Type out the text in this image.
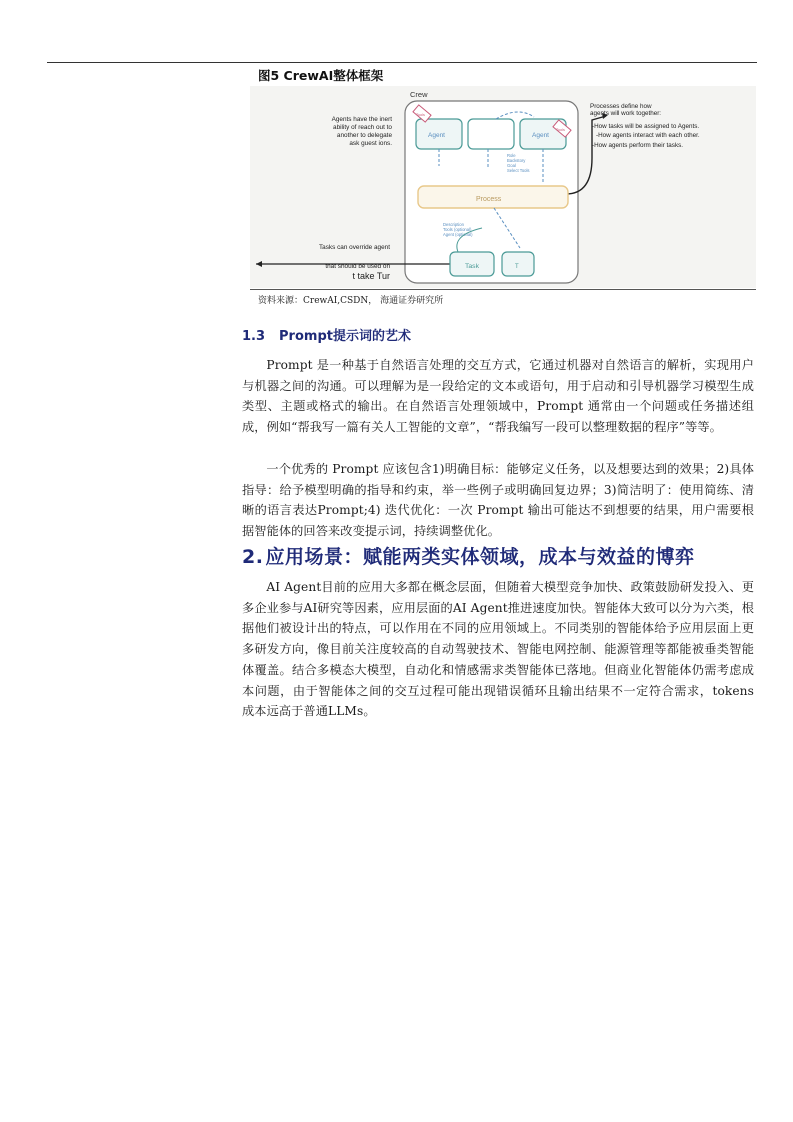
图5 CrewAI整体框架
Crew
Agents have the inert
ability of reach out to
another to delegate
ask guest ions.
Tasks can override agent
that should be used on
t take Tur
Agent	Agent
Tools
Tools
Role
Backstory
Goal
Select Tools
Process
Description
Tools (optional)
Agent (optional)
Task	T
Processes define how
agents will work together:
-How tasks will be assigned to Agents.
-How agents interact with each other.
-How agents perform their tasks.
资料来源：CrewAI,CSDN， 海通证券研究所
1.3 Prompt提示词的艺术

Prompt 是一种基于自然语言处理的交互方式，它通过机器对自然语言的解析，实现用户与机器之间的沟通。可以理解为是一段给定的文本或语句，用于启动和引导机器学习模型生成类型、主题或格式的输出。在自然语言处理领域中，Prompt 通常由一个问题或任务描述组成，例如“帮我写一篇有关人工智能的文章”，“帮我编写一段可以整理数据的程序”等等。

一个优秀的 Prompt 应该包含1)明确目标：能够定义任务，以及想要达到的效果；2)具体指导：给予模型明确的指导和约束，举一些例子或明确回复边界；3)简洁明了：使用简练、清晰的语言表达Prompt;4) 迭代优化：一次 Prompt 输出可能达不到想要的结果，用户需要根据智能体的回答来改变提示词，持续调整优化。

2. 应用场景：赋能两类实体领域，成本与效益的博弈

AI Agent目前的应用大多都在概念层面，但随着大模型竞争加快、政策鼓励研发投入、更多企业参与AI研究等因素，应用层面的AI Agent推进速度加快。智能体大致可以分为六类，根据他们被设计出的特点，可以作用在不同的应用领域上。不同类别的智能体给予应用层面上更多研发方向，像目前关注度较高的自动驾驶技术、智能电网控制、能源管理等都能被垂类智能体覆盖。结合多模态大模型，自动化和情感需求类智能体已落地。但商业化智能体仍需考虑成本问题，由于智能体之间的交互过程可能出现错误循环且输出结果不一定符合需求，tokens 成本远高于普通LLMs。
